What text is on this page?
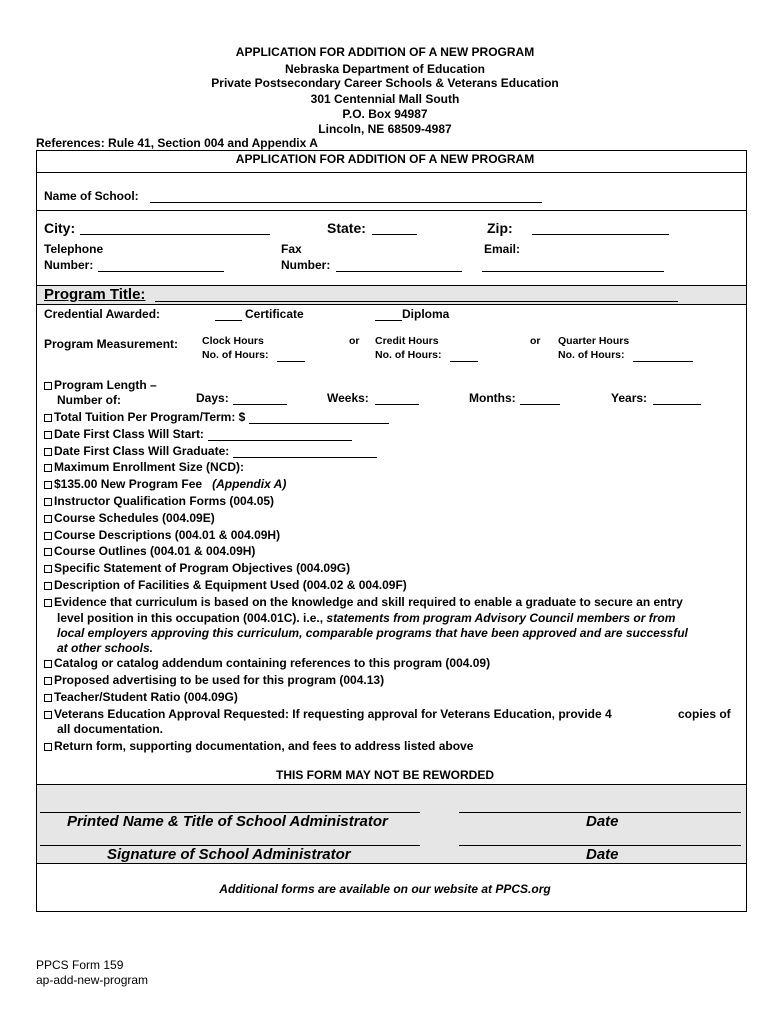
APPLICATION FOR ADDITION OF A NEW PROGRAM
Nebraska Department of Education
Private Postsecondary Career Schools & Veterans Education
301 Centennial Mall South
P.O. Box 94987
Lincoln, NE 68509-4987
References: Rule 41, Section 004 and Appendix A
APPLICATION FOR ADDITION OF A NEW PROGRAM
Name of School:
City:	State:	Zip:
Telephone
Number:
Fax
Number:
Email:
Program Title:
Credential Awarded:	Certificate	Diploma
Program Measurement: Clock Hours
No. of Hours:
or Credit Hours
No. of Hours:
or Quarter Hours
No. of Hours:
Program Length –
Number of:	Days:	Weeks:	Months:	Years:
Total Tuition Per Program/Term: $
Date First Class Will Start:
Date First Class Will Graduate:
Maximum Enrollment Size (NCD):
$135.00 New Program Fee (Appendix A)
Instructor Qualification Forms (004.05)
Course Schedules (004.09E)
Course Descriptions (004.01 & 004.09H)
Course Outlines (004.01 & 004.09H)
Specific Statement of Program Objectives (004.09G)
Description of Facilities & Equipment Used (004.02 & 004.09F)
Evidence that curriculum is based on the knowledge and skill required to enable a graduate to secure an entry
level position in this occupation (004.01C). i.e., statements from program Advisory Council members or from
local employers approving this curriculum, comparable programs that have been approved and are successful
at other schools.
Catalog or catalog addendum containing references to this program (004.09)
Proposed advertising to be used for this program (004.13)
Teacher/Student Ratio (004.09G)
Veterans Education Approval Requested: If requesting approval for Veterans Education, provide 4	copies of
all documentation.
Return form, supporting documentation, and fees to address listed above
THIS FORM MAY NOT BE REWORDED
Printed Name & Title of School Administrator	Date
Signature of School Administrator	Date
Additional forms are available on our website at PPCS.org
PPCS Form 159
ap-add-new-program
